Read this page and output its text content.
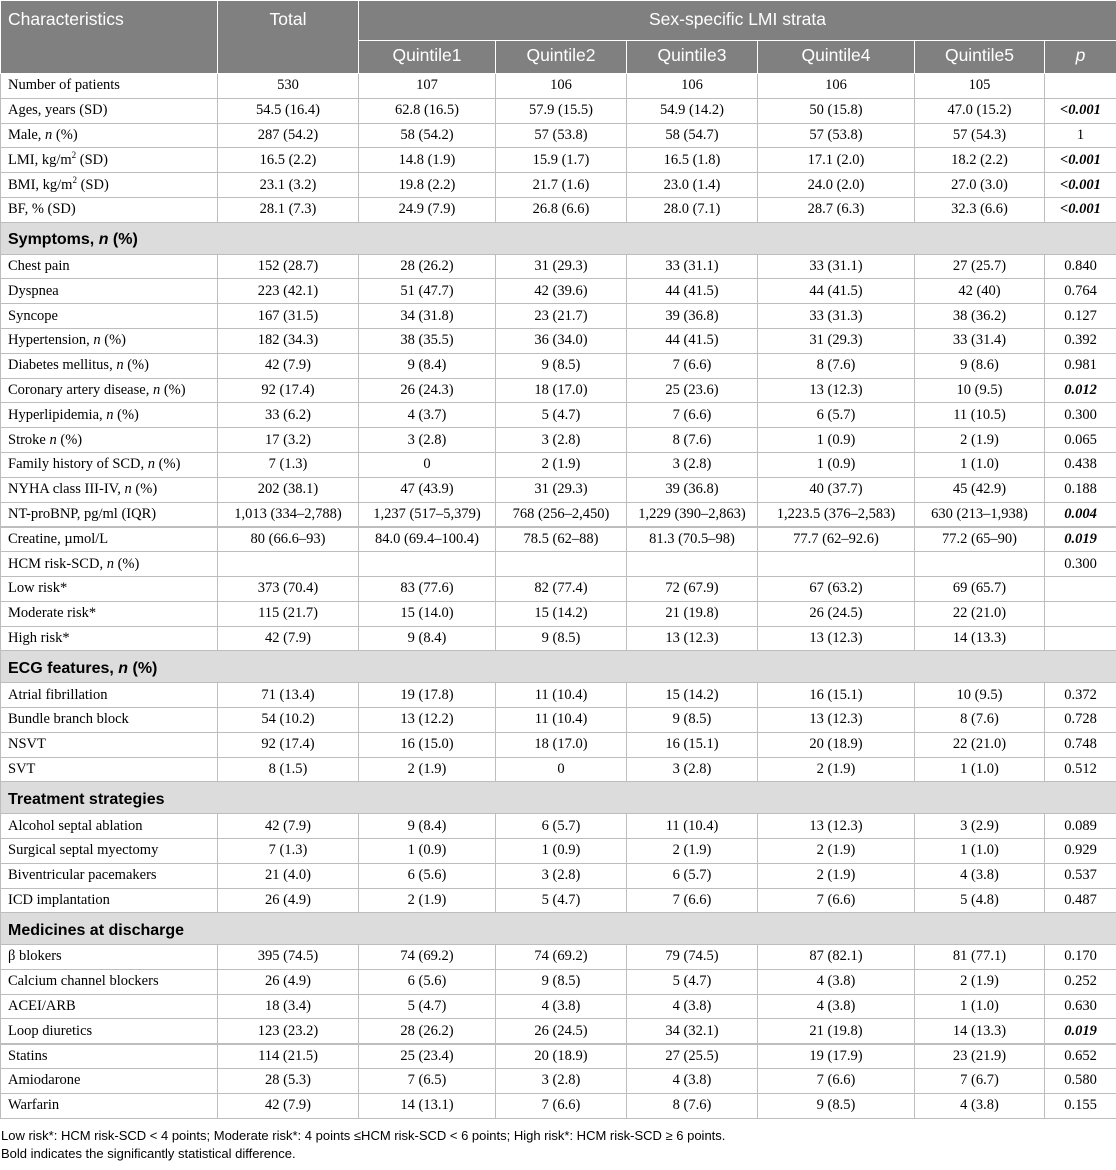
Characteristics	Total	Sex-specific LMI strata					
		Quintile1	Quintile2	Quintile3	Quintile4	Quintile5	p
Number of patients	530	107	106	106	106	105	
Ages, years (SD)	54.5 (16.4)	62.8 (16.5)	57.9 (15.5)	54.9 (14.2)	50 (15.8)	47.0 (15.2)	<0.001
Male, n (%)	287 (54.2)	58 (54.2)	57 (53.8)	58 (54.7)	57 (53.8)	57 (54.3)	1
LMI, $kg/m^2$ (SD)	16.5 (2.2)	14.8 (1.9)	15.9 (1.7)	16.5 (1.8)	17.1 (2.0)	18.2 (2.2)	<0.001
BMI, $kg/m^2$ (SD)	23.1 (3.2)	19.8 (2.2)	21.7 (1.6)	23.0 (1.4)	24.0 (2.0)	27.0 (3.0)	<0.001
BF, % (SD)	28.1 (7.3)	24.9 (7.9)	26.8 (6.6)	28.0 (7.1)	28.7 (6.3)	32.3 (6.6)	<0.001
Symptoms, n (%)							
Chest pain	152 (28.7)	28 (26.2)	31 (29.3)	33 (31.1)	33 (31.1)	27 (25.7)	0.840
Dyspnea	223 (42.1)	51 (47.7)	42 (39.6)	44 (41.5)	44 (41.5)	42 (40)	0.764
Syncope	167 (31.5)	34 (31.8)	23 (21.7)	39 (36.8)	33 (31.3)	38 (36.2)	0.127
Hypertension, n (%)	182 (34.3)	38 (35.5)	36 (34.0)	44 (41.5)	31 (29.3)	33 (31.4)	0.392
Diabetes mellitus, n (%)	42 (7.9)	9 (8.4)	9 (8.5)	7 (6.6)	8 (7.6)	9 (8.6)	0.981
Coronary artery disease, n (%)	92 (17.4)	26 (24.3)	18 (17.0)	25 (23.6)	13 (12.3)	10 (9.5)	0.012
Hyperlipidemia, n (%)	33 (6.2)	4 (3.7)	5 (4.7)	7 (6.6)	6 (5.7)	11 (10.5)	0.300
Stroke n (%)	17 (3.2)	3 (2.8)	3 (2.8)	8 (7.6)	1 (0.9)	2 (1.9)	0.065
Family history of SCD, n (%)	7 (1.3)	0	2 (1.9)	3 (2.8)	1 (0.9)	1 (1.0)	0.438
NYHA class III-IV, n (%)	202 (38.1)	47 (43.9)	31 (29.3)	39 (36.8)	40 (37.7)	45 (42.9)	0.188
NT-proBNP, pg/ml (IQR)	1,013 (334–2,788)	1,237 (517–5,379)	768 (256–2,450)	1,229 (390–2,863)	1,223.5 (376–2,583)	630 (213–1,938)	0.004
Creatine, µmol/L	80 (66.6–93)	84.0 (69.4–100.4)	78.5 (62–88)	81.3 (70.5–98)	77.7 (62–92.6)	77.2 (65–90)	0.019
HCM risk-SCD, n (%)							0.300
Low risk*	373 (70.4)	83 (77.6)	82 (77.4)	72 (67.9)	67 (63.2)	69 (65.7)	
Moderate risk*	115 (21.7)	15 (14.0)	15 (14.2)	21 (19.8)	26 (24.5)	22 (21.0)	
High risk*	42 (7.9)	9 (8.4)	9 (8.5)	13 (12.3)	13 (12.3)	14 (13.3)	
ECG features, n (%)							
Atrial fibrillation	71 (13.4)	19 (17.8)	11 (10.4)	15 (14.2)	16 (15.1)	10 (9.5)	0.372
Bundle branch block	54 (10.2)	13 (12.2)	11 (10.4)	9 (8.5)	13 (12.3)	8 (7.6)	0.728
NSVT	92 (17.4)	16 (15.0)	18 (17.0)	16 (15.1)	20 (18.9)	22 (21.0)	0.748
SVT	8 (1.5)	2 (1.9)	0	3 (2.8)	2 (1.9)	1 (1.0)	0.512
Treatment strategies							
Alcohol septal ablation	42 (7.9)	9 (8.4)	6 (5.7)	11 (10.4)	13 (12.3)	3 (2.9)	0.089
Surgical septal myectomy	7 (1.3)	1 (0.9)	1 (0.9)	2 (1.9)	2 (1.9)	1 (1.0)	0.929
Biventricular pacemakers	21 (4.0)	6 (5.6)	3 (2.8)	6 (5.7)	2 (1.9)	4 (3.8)	0.537
ICD implantation	26 (4.9)	2 (1.9)	5 (4.7)	7 (6.6)	7 (6.6)	5 (4.8)	0.487
Medicines at discharge							
β blokers	395 (74.5)	74 (69.2)	74 (69.2)	79 (74.5)	87 (82.1)	81 (77.1)	0.170
Calcium channel blockers	26 (4.9)	6 (5.6)	9 (8.5)	5 (4.7)	4 (3.8)	2 (1.9)	0.252
ACEI/ARB	18 (3.4)	5 (4.7)	4 (3.8)	4 (3.8)	4 (3.8)	1 (1.0)	0.630
Loop diuretics	123 (23.2)	28 (26.2)	26 (24.5)	34 (32.1)	21 (19.8)	14 (13.3)	0.019
Statins	114 (21.5)	25 (23.4)	20 (18.9)	27 (25.5)	19 (17.9)	23 (21.9)	0.652
Amiodarone	28 (5.3)	7 (6.5)	3 (2.8)	4 (3.8)	7 (6.6)	7 (6.7)	0.580
Warfarin	42 (7.9)	14 (13.1)	7 (6.6)	8 (7.6)	9 (8.5)	4 (3.8)	0.155
Low risk*: HCM risk-SCD < 4 points; Moderate risk*: 4 points ≤HCM risk-SCD < 6 points; High risk*: HCM risk-SCD ≥ 6 points.
Bold indicates the significantly statistical difference.
